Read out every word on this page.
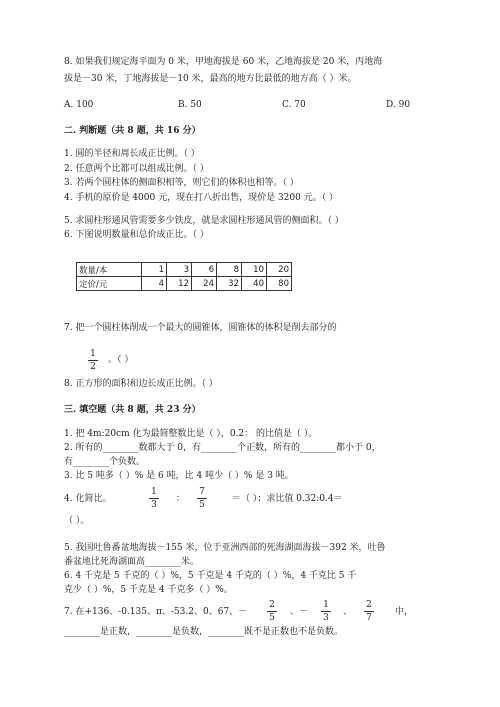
8. 如果我们规定海平面为 0 米，甲地海拔是 60 米，乙地海拔是 20 米，丙地海
拔是－30 米，丁地海拔是－10 米，最高的地方比最低的地方高（ ）米。
A. 100	B. 50	C. 70	D. 90
二. 判断题（共 8 题，共 16 分）
1. 圆的半径和周长成正比例。（ ）
2. 任意两个比都可以组成比例。（ ）
3. 若两个圆柱体的侧面积相等，则它们的体积也相等。（ ）
4. 手机的原价是 4000 元，现在打八折出售，现价是 3200 元。（ ）
5. 求圆柱形通风管需要多少铁皮，就是求圆柱形通风管的侧面积。（ ）
6. 下图说明数量和总价成正比。（ ）
数量/本	1	3	6	8	10	20
定价/元	4	12	24	32	40	80
7. 把一个圆柱体削成一个最大的圆锥体，圆锥体的体积是削去部分的
1
2
。（ ）
8. 正方形的面积和边长成正比例。（ ）
三. 填空题（共 8 题，共 23 分）
1. 把 4m:20cm 化为最简整数比是（ ），0.2： 的比值是（ ）。
2. 所有的________数都大于 0，有________个正数，所有的________都小于 0，
有________个负数。
3. 比 5 吨多（ ）% 是 6 吨，比 4 吨少（ ）% 是 3 吨。
4. 化简比。
1
3
：
7
5
＝（ ）；求比值 0.32:0.4＝
（ ）。
5. 我国吐鲁番盆地海拔－155 米，位于亚洲西部的死海湖面海拔－392 米，吐鲁
番盆地比死海湖面高________米。
6. 4 千克是 5 千克的（ ）%，5 千克是 4 千克的（ ）%，4 千克比 5 千
克少（ ）%，5 千克是 4 千克多（ ）%。
7. 在+136、-0.135、π、-53.2、0、67、－
2
5
、－
1
3
、
2
7
中，
________是正数，________是负数，________既不是正数也不是负数。
